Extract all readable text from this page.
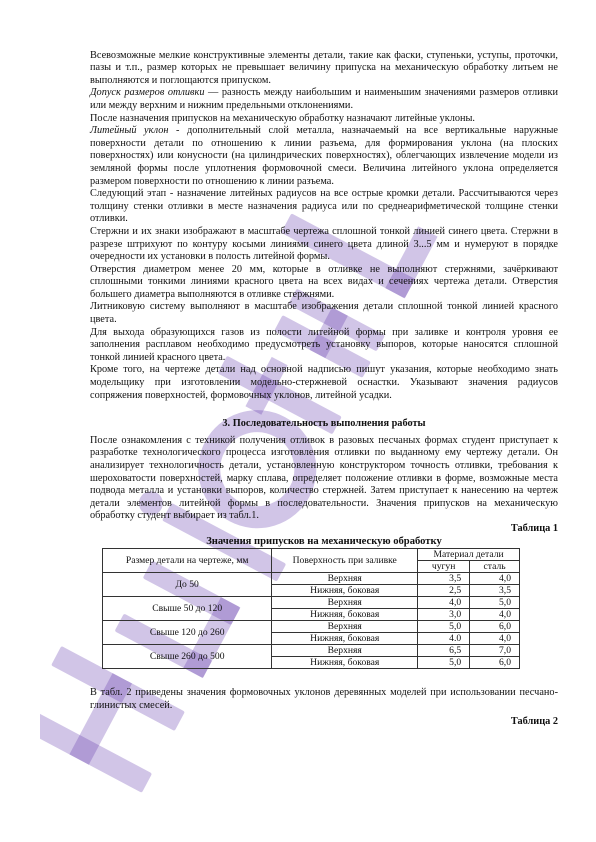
Всевозможные мелкие конструктивные элементы детали, такие как фаски, ступеньки, уступы, проточки, пазы и т.п., размер которых не превышает величину припуска на механическую обработку литьем не выполняются и поглощаются припуском.

Допуск размеров отливки — разность между наибольшим и наименьшим значениями размеров отливки или между верхним и нижним предельными отклонениями.

После назначения припусков на механическую обработку назначают литейные уклоны.

Литейный уклон - дополнительный слой металла, назначаемый на все вертикальные наружные поверхности детали по отношению к линии разъема, для формирования уклона (на плоских поверхностях) или конусности (на цилиндрических поверхностях), облегчающих извлечение модели из земляной формы после уплотнения формовочной смеси. Величина литейного уклона определяется размером поверхности по отношению к линии разъема.

Следующий этап - назначение литейных радиусов на все острые кромки детали. Рассчитываются через толщину стенки отливки в месте назначения радиуса или по среднеарифметической толщине стенки отливки.

Стержни и их знаки изображают в масштабе чертежа сплошной тонкой линией синего цвета. Стержни в разрезе штрихуют по контуру косыми линиями синего цвета длиной 3...5 мм и нумеруют в порядке очередности их установки в полость литейной формы.

Отверстия диаметром менее 20 мм, которые в отливке не выполняют стержнями, зачёркивают сплошными тонкими линиями красного цвета на всех видах и сечениях чертежа детали. Отверстия большего диаметра выполняются в отливке стержнями.

Литниковую систему выполняют в масштабе изображения детали сплошной тонкой линией красного цвета.

Для выхода образующихся газов из полости литейной формы при заливке и контроля уровня ее заполнения расплавом необходимо предусмотреть установку выпоров, которые наносятся сплошной тонкой линией красного цвета.

Кроме того, на чертеже детали над основной надписью пишут указания, которые необходимо знать модельщику при изготовлении модельно-стержневой оснастки. Указывают значения радиусов сопряжения поверхностей, формовочных уклонов, литейной усадки.

3. Последовательность выполнения работы

После ознакомления с техникой получения отливок в разовых песчаных формах студент приступает к разработке технологического процесса изготовления отливки по выданному ему чертежу детали. Он анализирует технологичность детали, установленную конструктором точность отливки, требования к шероховатости поверхностей, марку сплава, определяет положение отливки в форме, возможные места подвода металла и установки выпоров, количество стержней. Затем приступает к нанесению на чертеж детали элементов литейной формы в последовательности. Значения припусков на механическую обработку студент выбирает из табл.1.

Таблица 1

Значения припусков на механическую обработку

Размер детали на чертеже, мм	Поверхность при заливке	Материал детали	
		чугун	сталь
До 50	Верхняя	3,5	4,0
	Нижняя, боковая	2,5	3,5
Свыше 50 до 120	Верхняя	4,0	5,0
	Нижняя, боковая	3,0	4,0
Свыше 120 до 260	Верхняя	5,0	6,0
	Нижняя, боковая	4.0	4,0
Свыше 260 до 500	Верхняя	6,5	7,0
	Нижняя, боковая	5,0	6,0

В табл. 2 приведены значения формовочных уклонов деревянных моделей при использовании песчано-глинистых смесей.

Таблица 2
